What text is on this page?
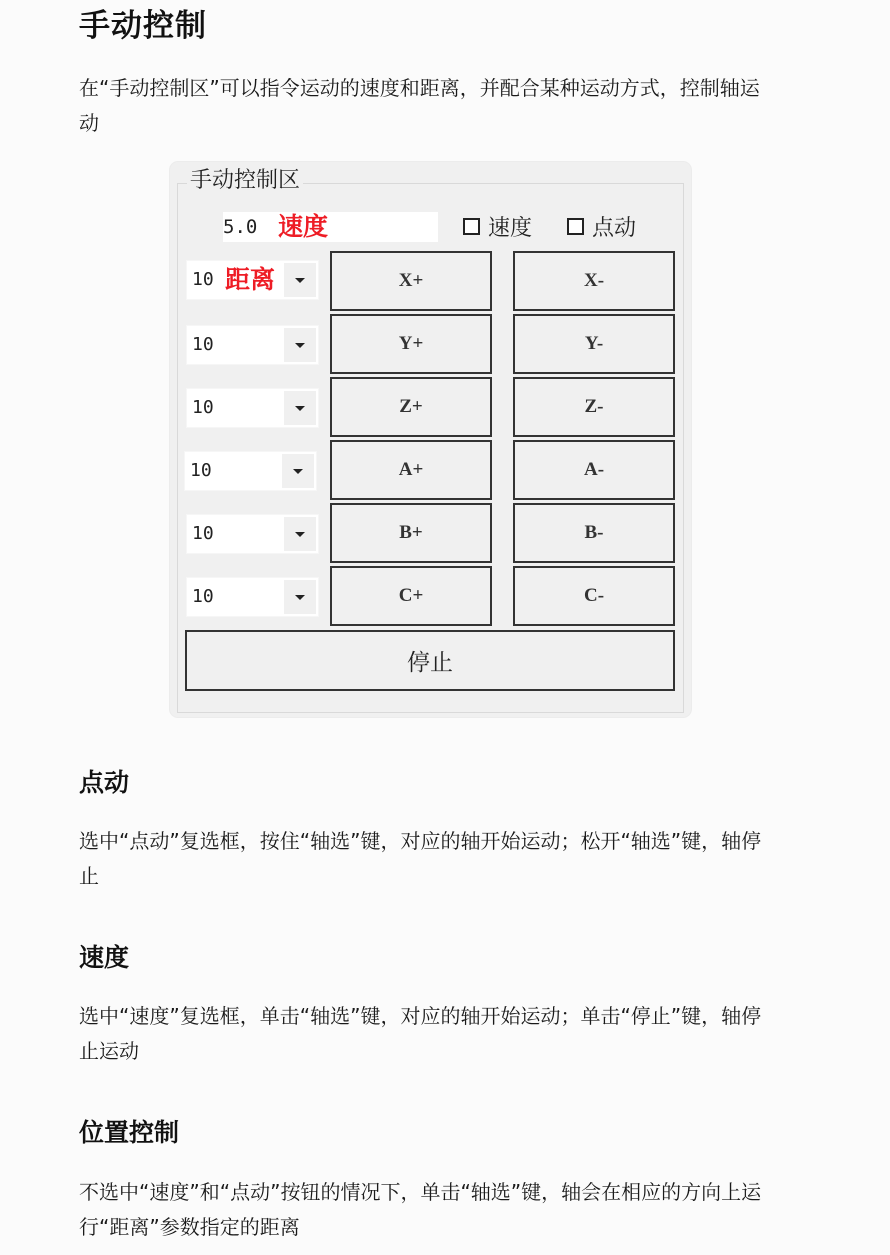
手动控制
在“手动控制区”可以指令运动的速度和距离，并配合某种运动方式，控制轴运动
手动控制区
5.0 速度	速度	点动
10 距离	X+	X-
10	Y+	Y-
10	Z+	Z-
10	A+	A-
10	B+	B-
10	C+	C-
停止
点动
选中“点动”复选框，按住“轴选”键，对应的轴开始运动；松开“轴选”键，轴停止
速度
选中“速度”复选框，单击“轴选”键，对应的轴开始运动；单击“停止”键，轴停止运动
位置控制
不选中“速度”和“点动”按钮的情况下，单击“轴选”键，轴会在相应的方向上运行“距离”参数指定的距离
